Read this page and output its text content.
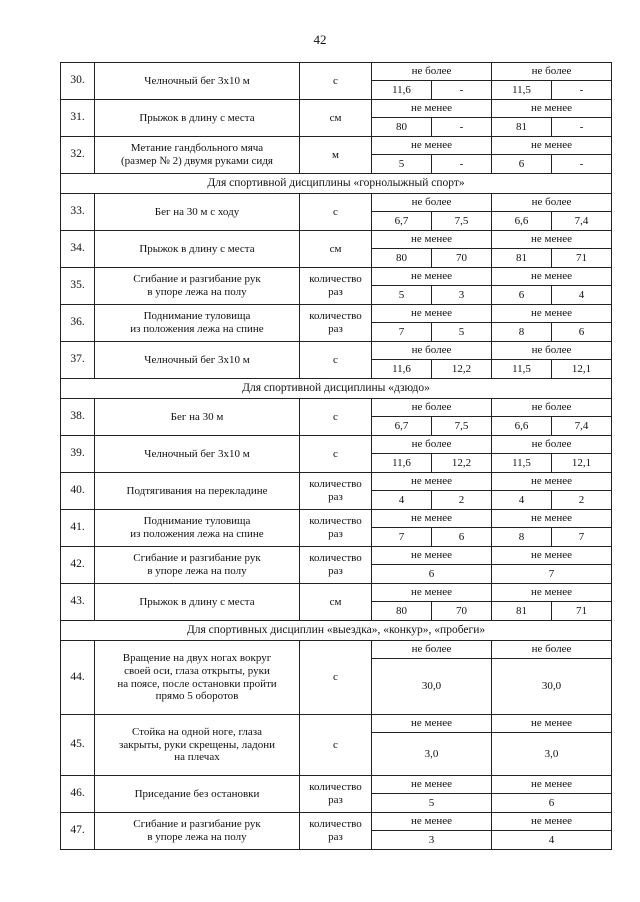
42
30.	Челночный бег 3х10 м	с	не более		не более	
			11,6	-	11,5	-
31.	Прыжок в длину с места	см	не менее		не менее	
			80	-	81	-
32.	Метание гандбольного мяча
(размер № 2) двумя руками сидя	м	не менее		не менее	
			5	-	6	-
Для спортивной дисциплины «горнолыжный спорт»						
33.	Бег на 30 м с ходу	с	не более		не более	
			6,7	7,5	6,6	7,4
34.	Прыжок в длину с места	см	не менее		не менее	
			80	70	81	71
35.	Сгибание и разгибание рук
в упоре лежа на полу	количество
раз	не менее		не менее	
			5	3	6	4
36.	Поднимание туловища
из положения лежа на спине	количество
раз	не менее		не менее	
			7	5	8	6
37.	Челночный бег 3х10 м	с	не более		не более	
			11,6	12,2	11,5	12,1
Для спортивной дисциплины «дзюдо»						
38.	Бег на 30 м	с	не более		не более	
			6,7	7,5	6,6	7,4
39.	Челночный бег 3х10 м	с	не более		не более	
			11,6	12,2	11,5	12,1
40.	Подтягивания на перекладине	количество
раз	не менее		не менее	
			4	2	4	2
41.	Поднимание туловища
из положения лежа на спине	количество
раз	не менее		не менее	
			7	6	8	7
42.	Сгибание и разгибание рук
в упоре лежа на полу	количество
раз	не менее		не менее	
			6		7	
43.	Прыжок в длину с места	см	не менее		не менее	
			80	70	81	71
Для спортивных дисциплин «выездка», «конкур», «пробеги»						
44.	Вращение на двух ногах вокруг
своей оси, глаза открыты, руки
на поясе, после остановки пройти
прямо 5 оборотов	с	не более		не более	
			30,0		30,0	
45.	Стойка на одной ноге, глаза
закрыты, руки скрещены, ладони
на плечах	с	не менее		не менее	
			3,0		3,0	
46.	Приседание без остановки	количество
раз	не менее		не менее	
			5		6	
47.	Сгибание и разгибание рук
в упоре лежа на полу	количество
раз	не менее		не менее	
			3		4	
